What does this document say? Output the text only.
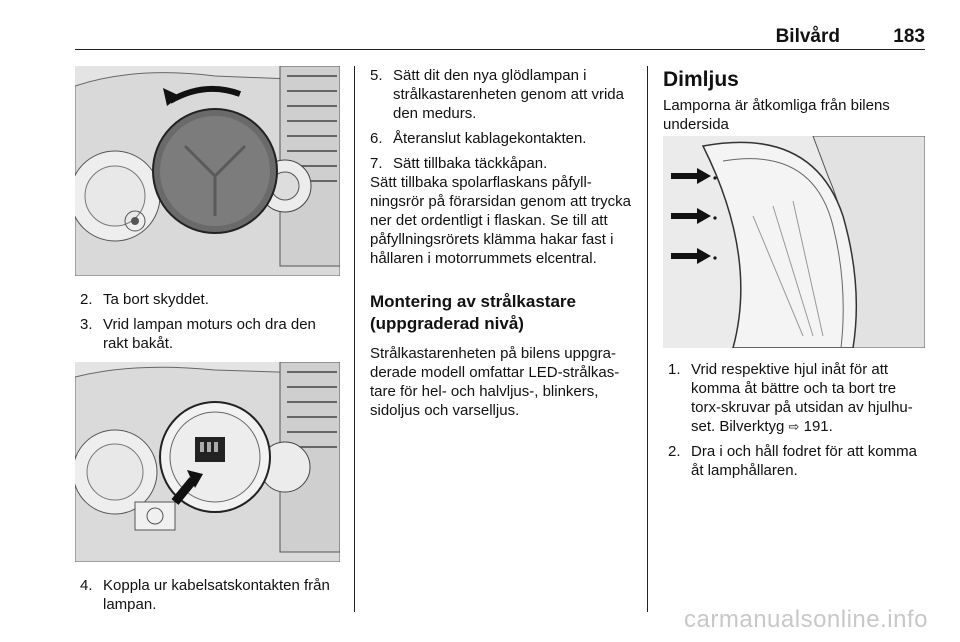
Bilvård	183
2. Ta bort skyddet.
3. Vrid lampan moturs och dra den rakt bakåt.
4. Koppla ur kabelsatskontakten från lampan.
5. Sätt dit den nya glödlampan i strålkastarenheten genom att vrida den medurs.
6. Återanslut kablagekontakten.
7. Sätt tillbaka täckkåpan.

Sätt tillbaka spolarflaskans påfyllningsrör på förarsidan genom att trycka ner det ordentligt i flaskan. Se till att påfyllningsrörets klämma hakar fast i hållaren i motorrummets elcentral.

Montering av strålkastare (uppgraderad nivå)

Strålkastarenheten på bilens uppgraderade modell omfattar LED-strålkastare för hel- och halvljus-, blinkers, sidoljus och varselljus.

Dimljus

Lamporna är åtkomliga från bilens undersida

1. Vrid respektive hjul inåt för att komma åt bättre och ta bort tre torx-skruvar på utsidan av hjulhuset. Bilverktyg ⇨ 191.
2. Dra i och håll fodret för att komma åt lamphållaren.
carmanualsonline.info
